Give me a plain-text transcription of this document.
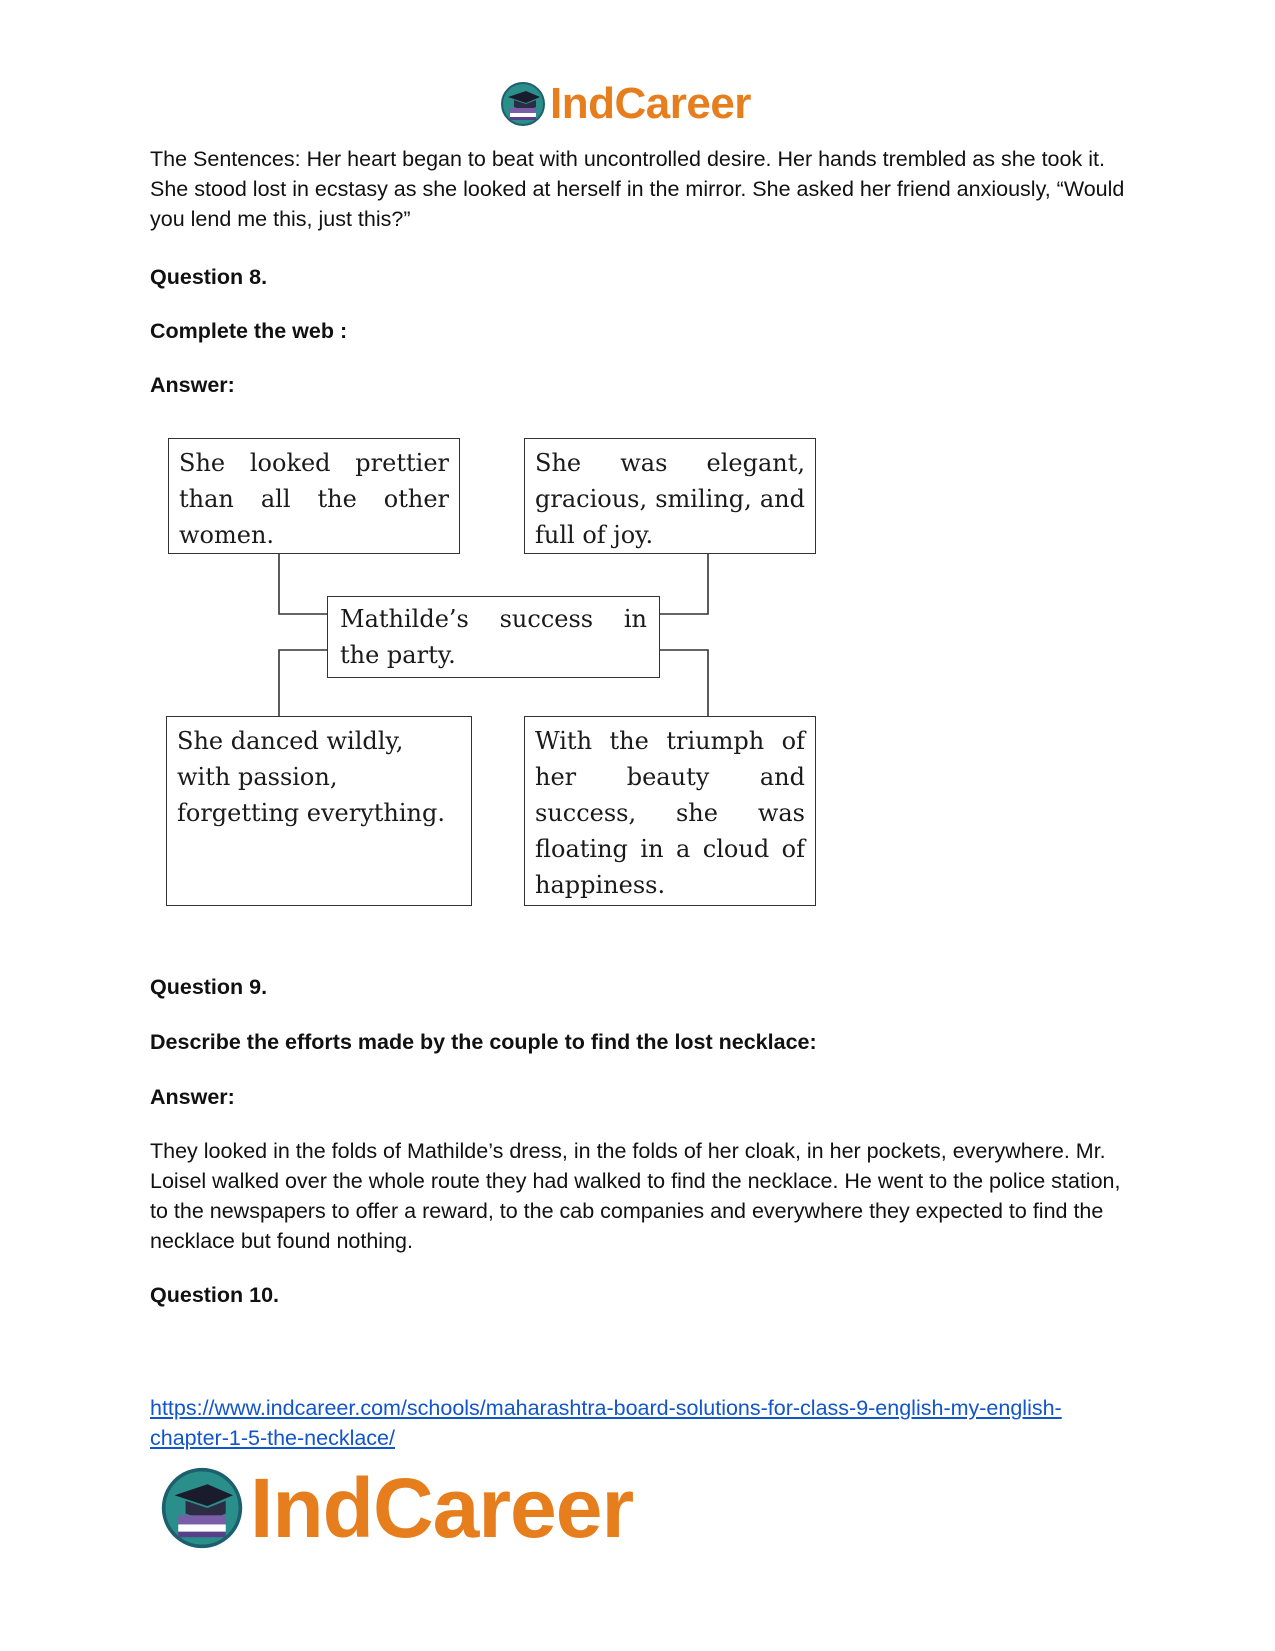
IndCareer

The Sentences: Her heart began to beat with uncontrolled desire. Her hands trembled as she took it. She stood lost in ecstasy as she looked at herself in the mirror. She asked her friend anxiously, “Would you lend me this, just this?”

Question 8.

Complete the web :

Answer:

She looked prettier than all the other women.
She was elegant, gracious, smiling, and full of joy.
Mathilde’s success in the party.
She danced wildly, with passion, forgetting everything.
With the triumph of her beauty and success, she was floating in a cloud of happiness.

Question 9.

Describe the efforts made by the couple to find the lost necklace:

Answer:

They looked in the folds of Mathilde’s dress, in the folds of her cloak, in her pockets, everywhere. Mr. Loisel walked over the whole route they had walked to find the necklace. He went to the police station, to the newspapers to offer a reward, to the cab companies and everywhere they expected to find the necklace but found nothing.

Question 10.

https://www.indcareer.com/schools/maharashtra-board-solutions-for-class-9-english-my-english-chapter-1-5-the-necklace/
IndCareer
